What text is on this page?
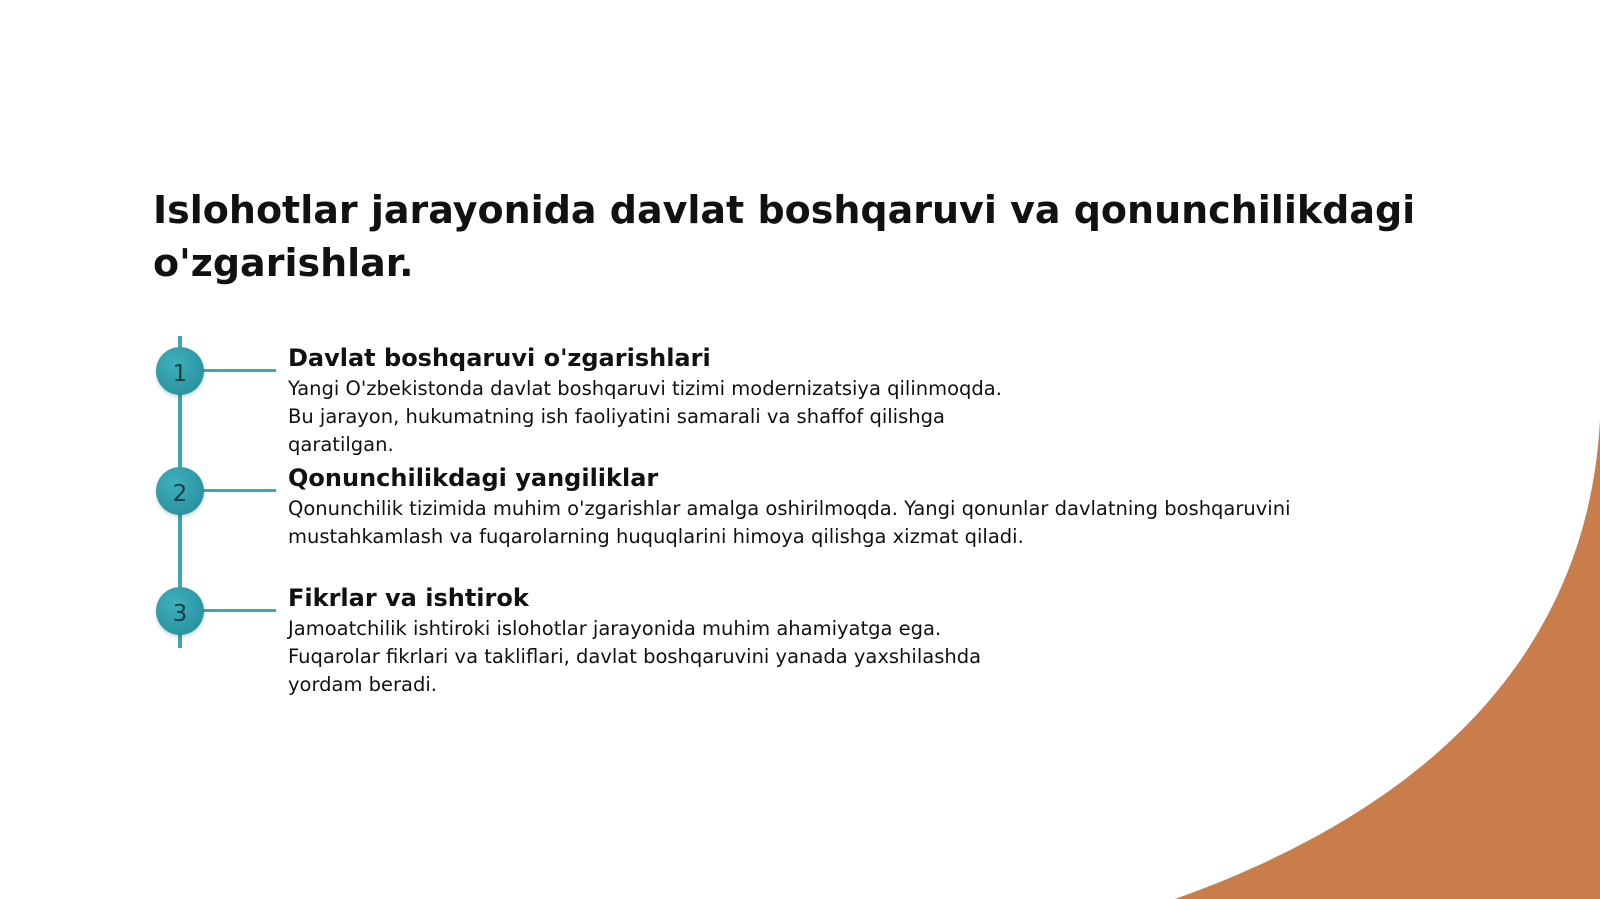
Islohotlar jarayonida davlat boshqaruvi va qonunchilikdagi o'zgarishlar.
1

Davlat boshqaruvi o'zgarishlari

Yangi O'zbekistonda davlat boshqaruvi tizimi modernizatsiya qilinmoqda.
Bu jarayon, hukumatning ish faoliyatini samarali va shaffof qilishga
qaratilgan.

2

Qonunchilikdagi yangiliklar

Qonunchilik tizimida muhim o'zgarishlar amalga oshirilmoqda. Yangi qonunlar davlatning boshqaruvini
mustahkamlash va fuqarolarning huquqlarini himoya qilishga xizmat qiladi.

3

Fikrlar va ishtirok

Jamoatchilik ishtiroki islohotlar jarayonida muhim ahamiyatga ega.
Fuqarolar fikrlari va takliflari, davlat boshqaruvini yanada yaxshilashda
yordam beradi.
